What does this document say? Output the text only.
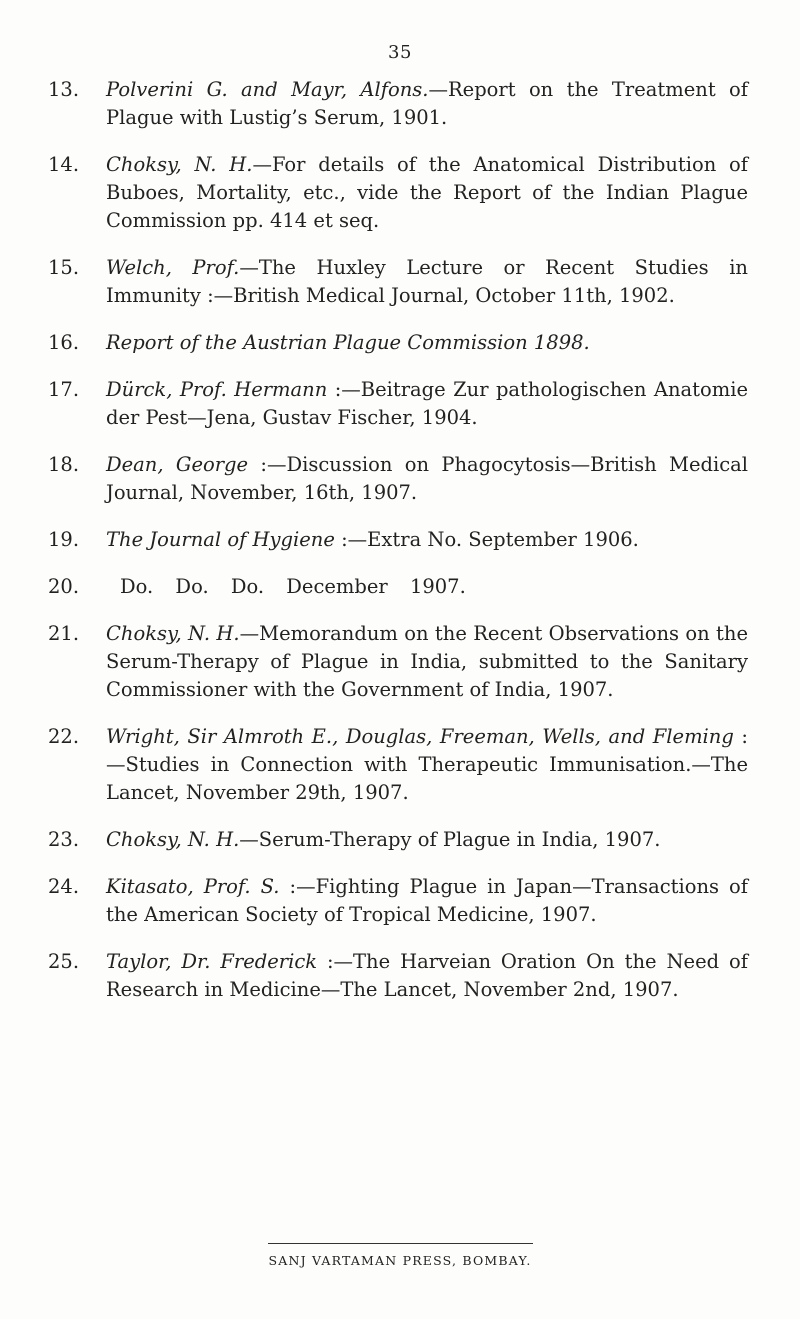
35
13.	Polverini G. and Mayr, Alfons.—Report on the Treatment of Plague with Lustig’s Serum, 1901.
14.	Choksy, N. H.—For details of the Anatomical Distribution of Buboes, Mortality, etc., vide the Report of the Indian Plague Commission pp. 414 et seq.
15.	Welch, Prof.—The Huxley Lecture or Recent Studies in Immunity :—British Medical Journal, October 11th, 1902.
16.	Report of the Austrian Plague Commission 1898.
17.	Dürck, Prof. Hermann :—Beitrage Zur pathologischen Anatomie der Pest—Jena, Gustav Fischer, 1904.
18.	Dean, George :—Discussion on Phagocytosis—British Medical Journal, November, 16th, 1907.
19.	The Journal of Hygiene :—Extra No. September 1906.
20.	Do. Do. Do. December 1907.
21.	Choksy, N. H.—Memorandum on the Recent Observations on the Serum-Therapy of Plague in India, submitted to the Sanitary Commissioner with the Government of India, 1907.
22.	Wright, Sir Almroth E., Douglas, Freeman, Wells, and Fleming :—Studies in Connection with Therapeutic Immunisation.—The Lancet, November 29th, 1907.
23.	Choksy, N. H.—Serum-Therapy of Plague in India, 1907.
24.	Kitasato, Prof. S. :—Fighting Plague in Japan—Transactions of the American Society of Tropical Medicine, 1907.
25.	Taylor, Dr. Frederick :—The Harveian Oration On the Need of Research in Medicine—The Lancet, November 2nd, 1907.
SANJ VARTAMAN PRESS, BOMBAY.
